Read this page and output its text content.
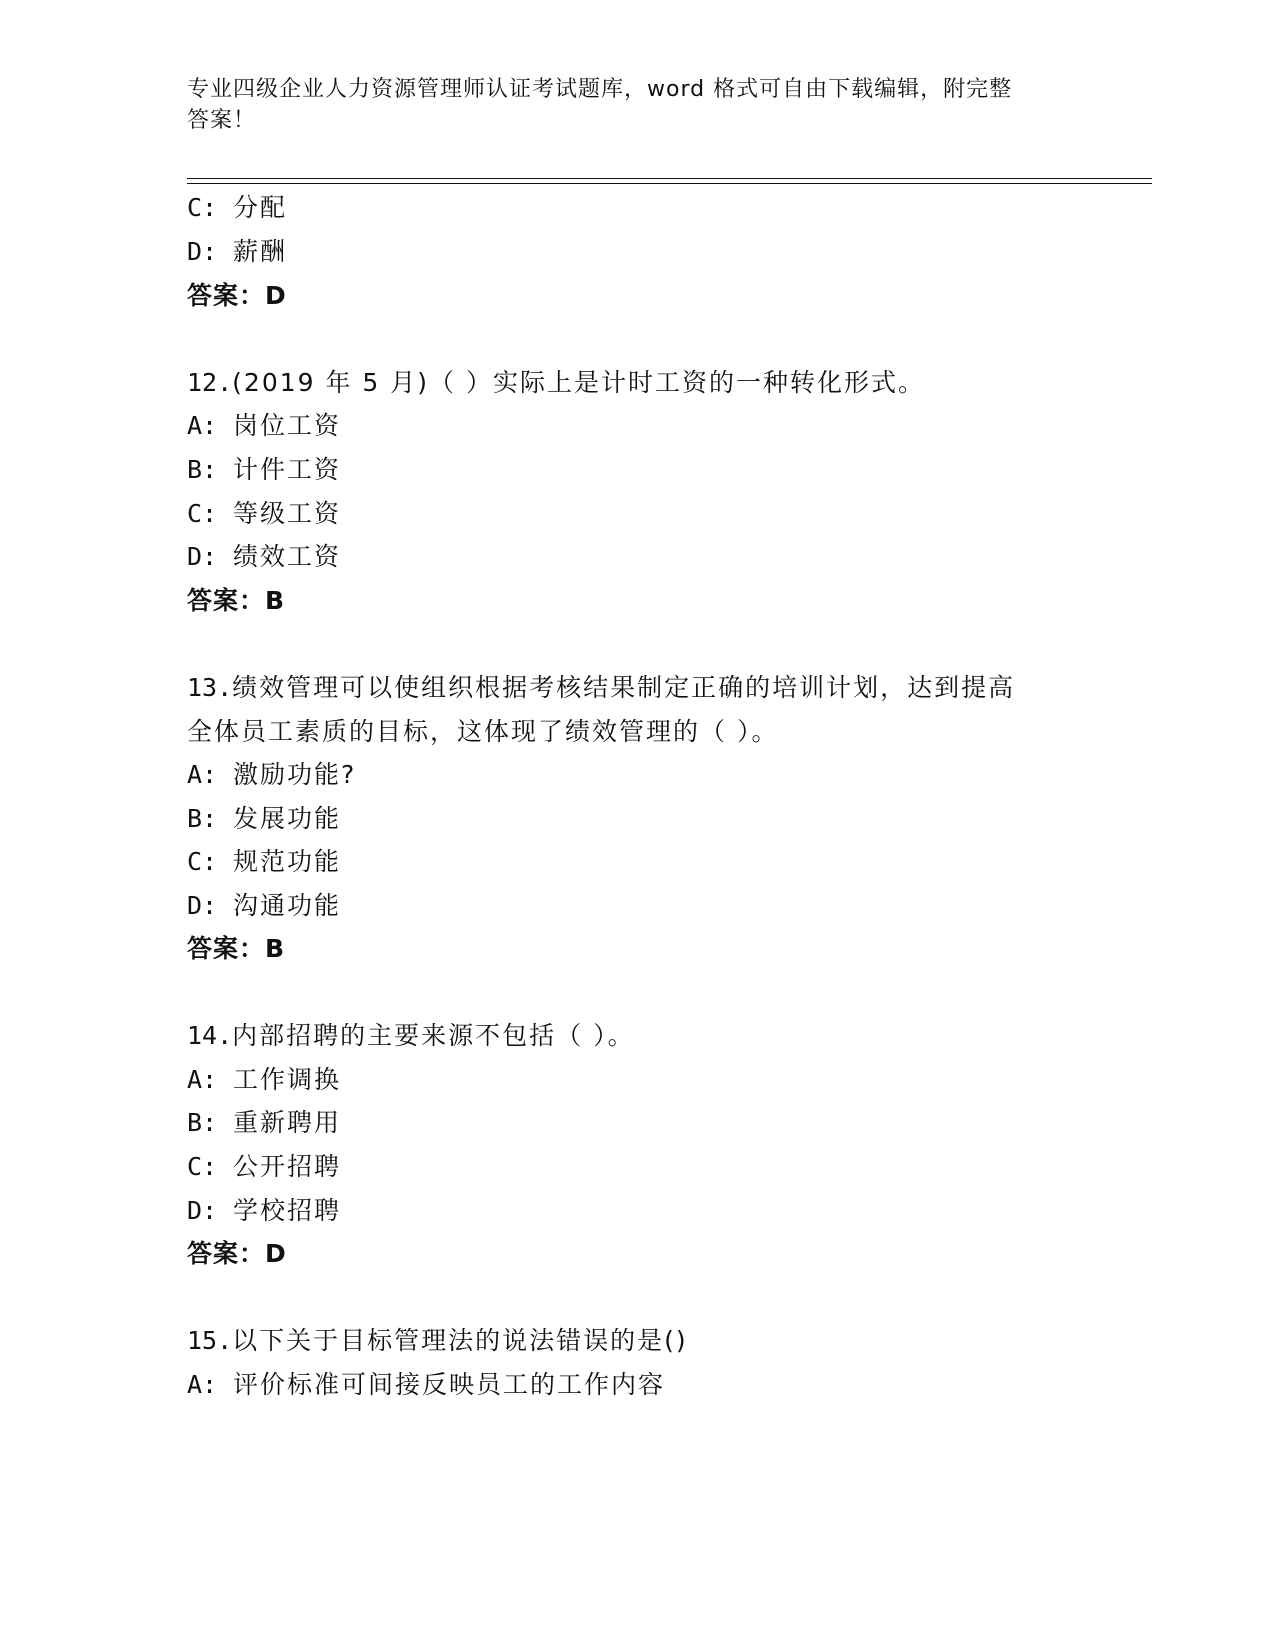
专业四级企业人力资源管理师认证考试题库，word 格式可自由下载编辑，附完整
答案！
C: 分配
D: 薪酬
答案：D
12.(2019 年 5 月)（ ）实际上是计时工资的一种转化形式。
A: 岗位工资
B: 计件工资
C: 等级工资
D: 绩效工资
答案：B
13.绩效管理可以使组织根据考核结果制定正确的培训计划，达到提高
全体员工素质的目标，这体现了绩效管理的（ ）。
A: 激励功能?
B: 发展功能
C: 规范功能
D: 沟通功能
答案：B
14.内部招聘的主要来源不包括（ ）。
A: 工作调换
B: 重新聘用
C: 公开招聘
D: 学校招聘
答案：D
15.以下关于目标管理法的说法错误的是()
A: 评价标准可间接反映员工的工作内容
